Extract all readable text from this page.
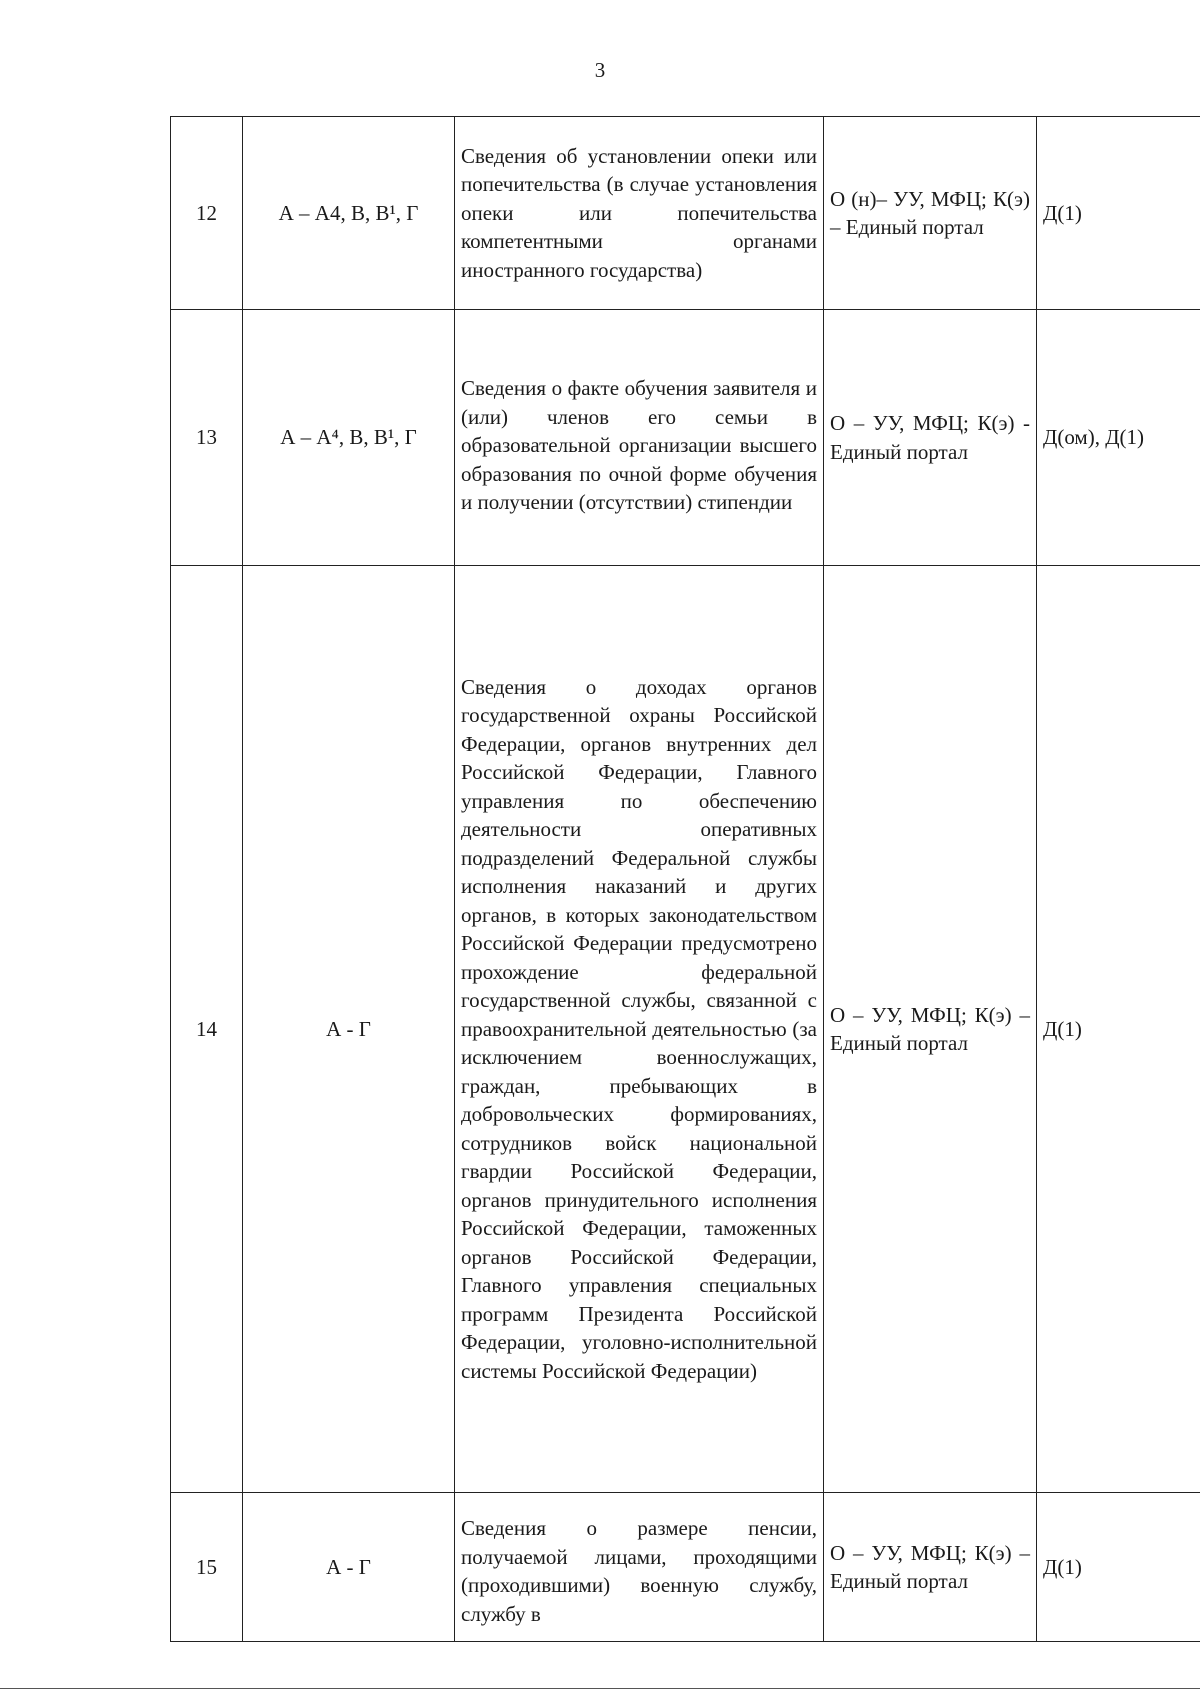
3
12	А – А4, В, В¹, Г	Сведения об установлении опеки или попечительства (в случае установления опеки или попечительства компетентными органами иностранного государства)	О (н)– УУ, МФЦ; К(э) – Единый портал	Д(1)
13	А – А⁴, В, В¹, Г	Сведения о факте обучения заявителя и (или) членов его семьи в образовательной организации высшего образования по очной форме обучения и получении (отсутствии) стипендии	О – УУ, МФЦ; К(э) - Единый портал	Д(ом), Д(1)
14	А - Г	Сведения о доходах органов государственной охраны Российской Федерации, органов внутренних дел Российской Федерации, Главного управления по обеспечению деятельности оперативных подразделений Федеральной службы исполнения наказаний и других органов, в которых законодательством Российской Федерации предусмотрено прохождение федеральной государственной службы, связанной с правоохранительной деятельностью (за исключением военнослужащих, граждан, пребывающих в добровольческих формированиях, сотрудников войск национальной гвардии Российской Федерации, органов принудительного исполнения Российской Федерации, таможенных органов Российской Федерации, Главного управления специальных программ Президента Российской Федерации, уголовно-исполнительной системы Российской Федерации)	О – УУ, МФЦ; К(э) – Единый портал	Д(1)
15	А - Г	Сведения о размере пенсии, получаемой лицами, проходящими (проходившими) военную службу, службу в	О – УУ, МФЦ; К(э) – Единый портал	Д(1)
